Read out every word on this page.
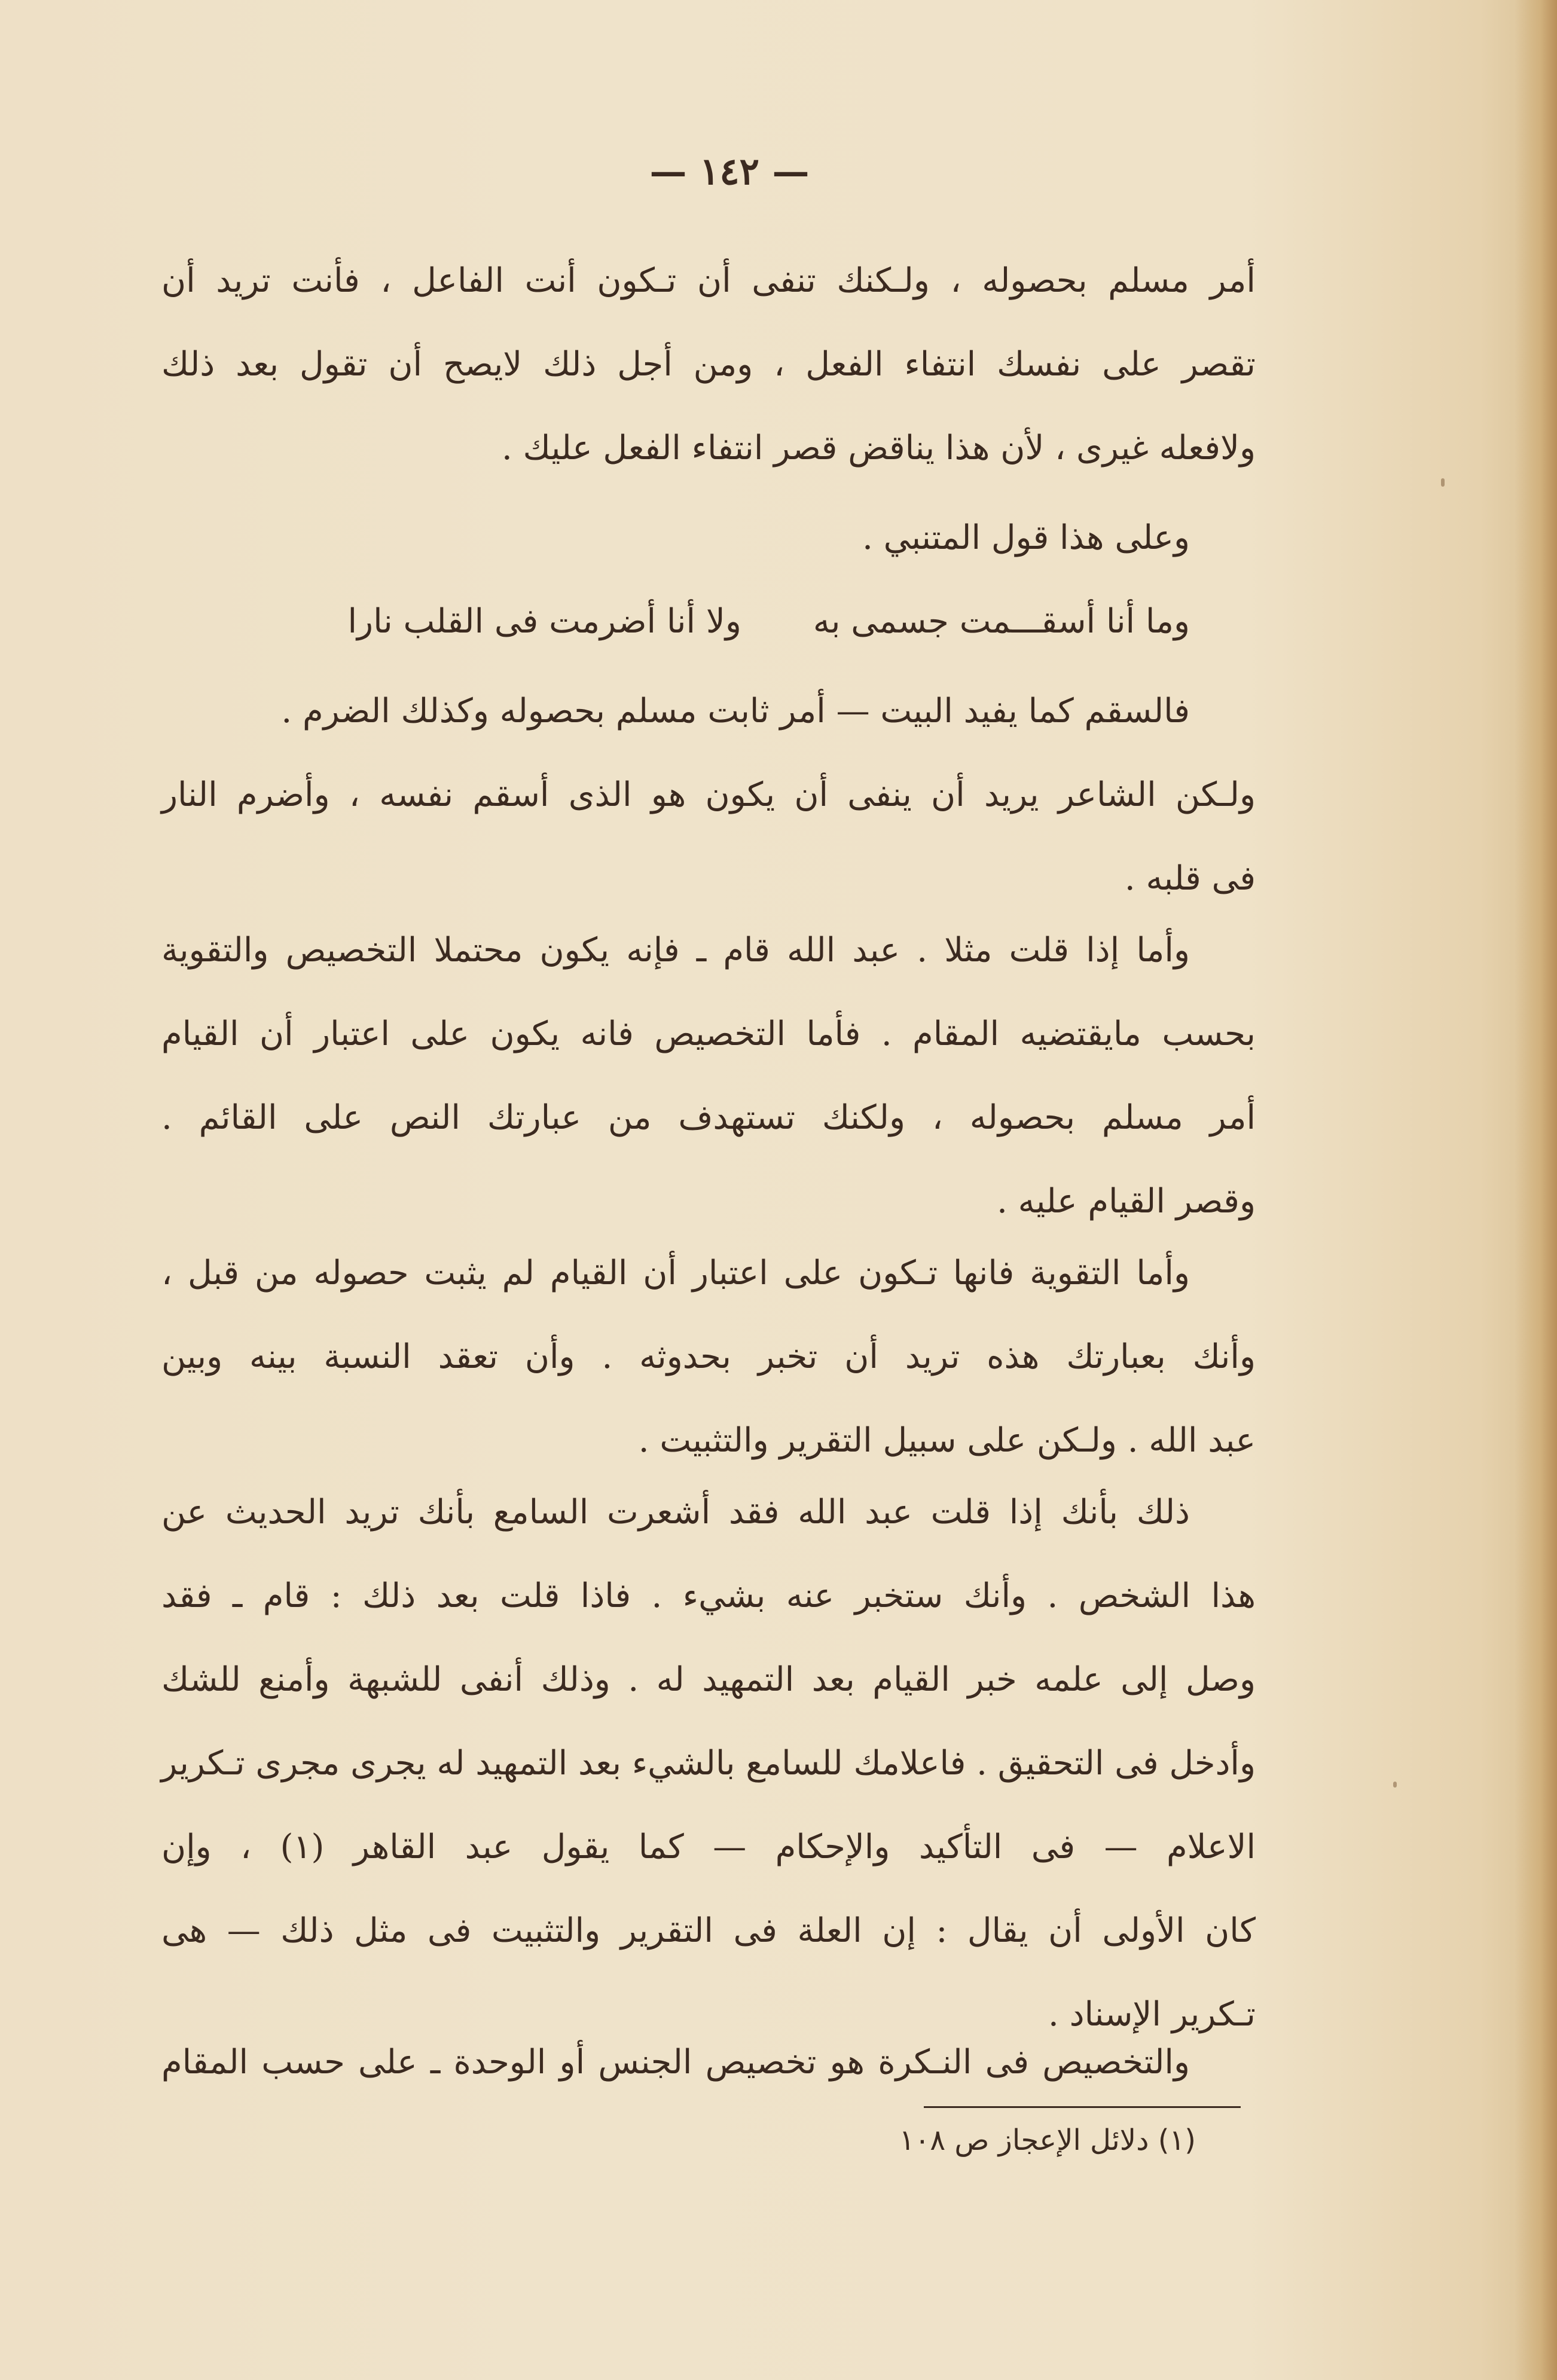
— ١٤٢ —
أمر مسلم بحصوله ، ولـكنك تنفى أن تـكون أنت الفاعل ، فأنت تريد أن
تقصر على نفسك انتفاء الفعل ، ومن أجل ذلك لايصح أن تقول بعد ذلك
ولافعله غيرى ، لأن هذا يناقض قصر انتفاء الفعل عليك .
وعلى هذا قول المتنبي .
وما أنا أسقـــمت جسمى به
ولا أنا أضرمت فى القلب نارا
فالسقم كما يفيد البيت — أمر ثابت مسلم بحصوله وكذلك الضرم .
ولـكن الشاعر يريد أن ينفى أن يكون هو الذى أسقم نفسه ، وأضرم النار
فى قلبه .
وأما إذا قلت مثلا . عبد الله قام ـ فإنه يكون محتملا التخصيص والتقوية
بحسب مايقتضيه المقام . فأما التخصيص فانه يكون على اعتبار أن القيام
أمر مسلم بحصوله ، ولكنك تستهدف من عبارتك النص على القائم .
وقصر القيام عليه .
وأما التقوية فانها تـكون على اعتبار أن القيام لم يثبت حصوله من قبل ،
وأنك بعبارتك هذه تريد أن تخبر بحدوثه . وأن تعقد النسبة بينه وبين
عبد الله . ولـكن على سبيل التقرير والتثبيت .
ذلك بأنك إذا قلت عبد الله فقد أشعرت السامع بأنك تريد الحديث عن
هذا الشخص . وأنك ستخبر عنه بشيء . فاذا قلت بعد ذلك : قام ـ فقد
وصل إلى علمه خبر القيام بعد التمهيد له . وذلك أنفى للشبهة وأمنع للشك
وأدخل فى التحقيق . فاعلامك للسامع بالشيء بعد التمهيد له يجرى مجرى تـكرير
الاعلام — فى التأكيد والإحكام — كما يقول عبد القاهر (١) ، وإن
كان الأولى أن يقال : إن العلة فى التقرير والتثبيت فى مثل ذلك — هى
تـكرير الإسناد .
والتخصيص فى النـكرة هو تخصيص الجنس أو الوحدة ـ على حسب المقام
(١) دلائل الإعجاز ص ١٠٨
